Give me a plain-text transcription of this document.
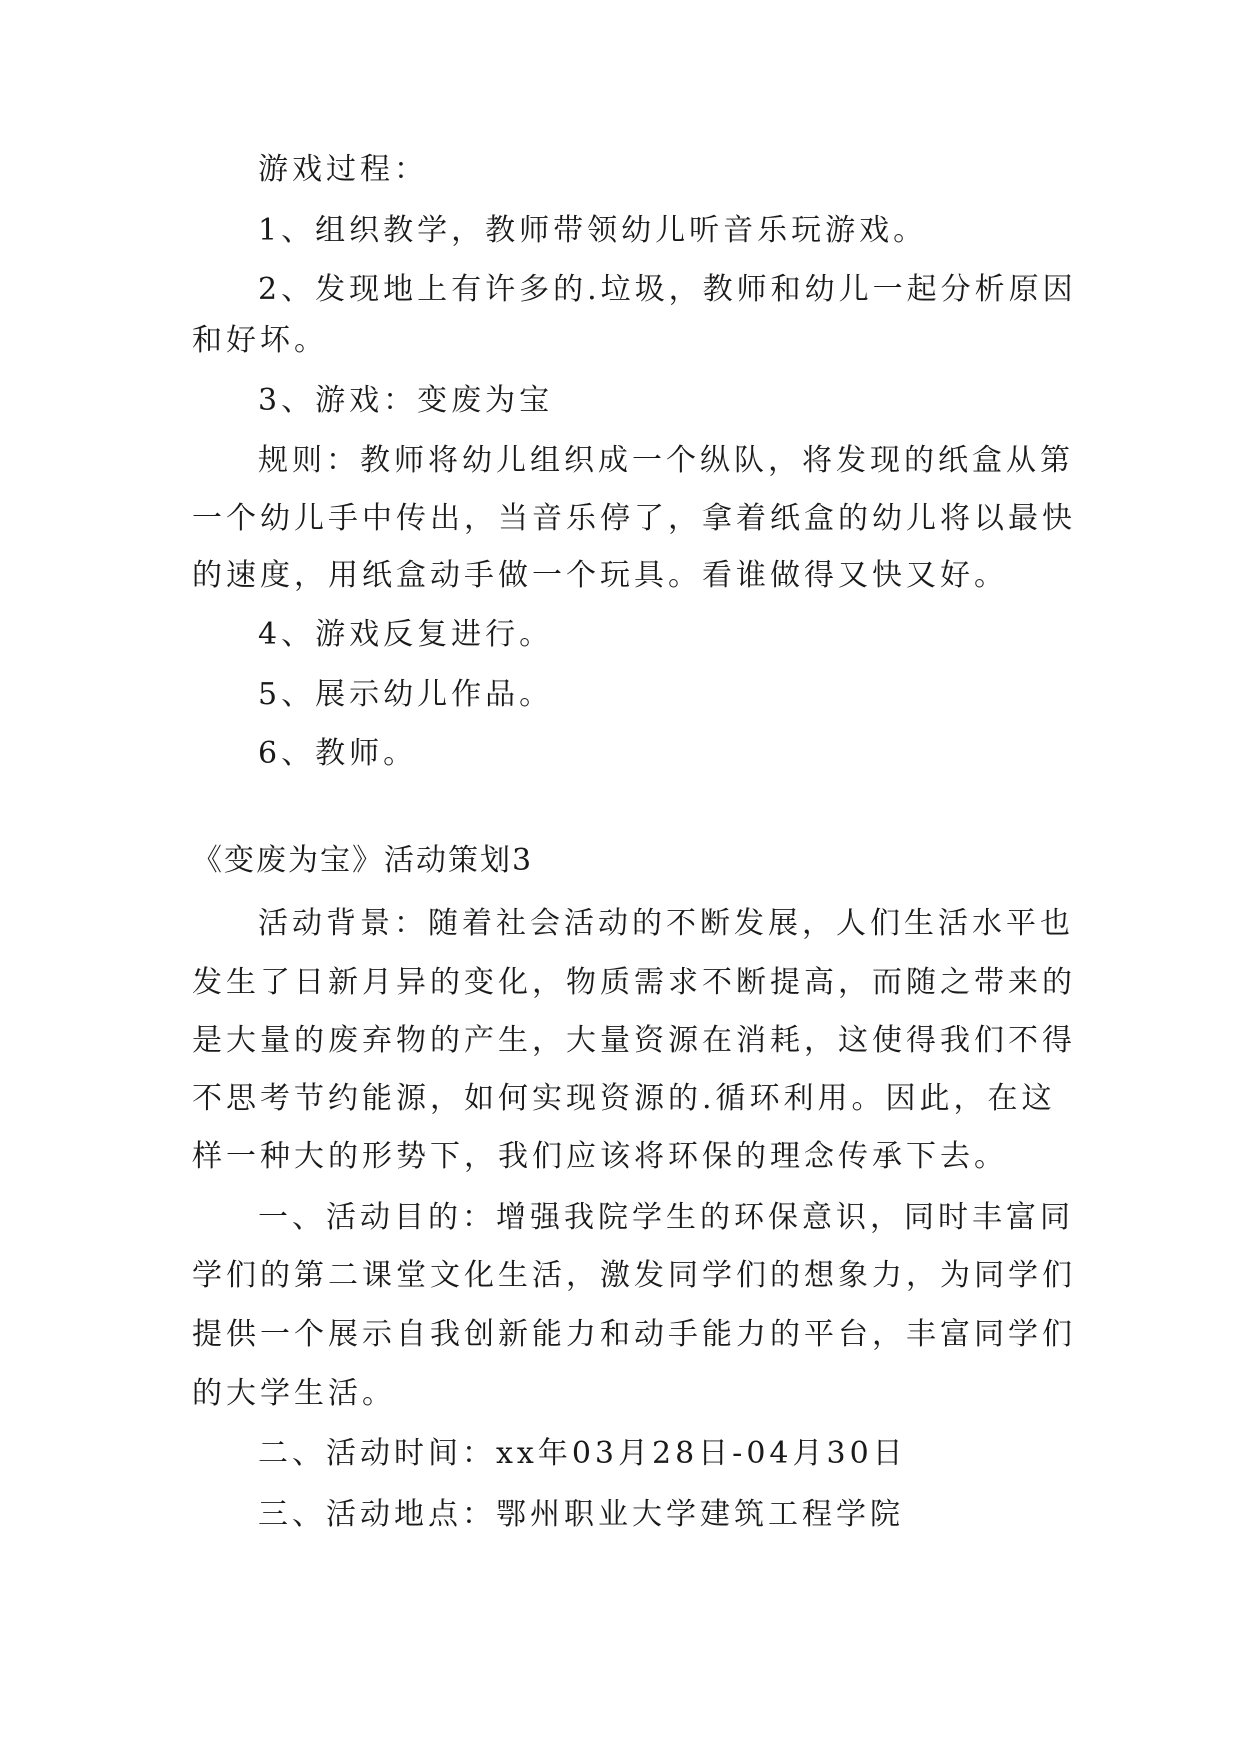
游戏过程：
1、组织教学，教师带领幼儿听音乐玩游戏。
2、发现地上有许多的.垃圾，教师和幼儿一起分析原因
和好坏。
3、游戏：变废为宝
规则：教师将幼儿组织成一个纵队，将发现的纸盒从第
一个幼儿手中传出，当音乐停了，拿着纸盒的幼儿将以最快
的速度，用纸盒动手做一个玩具。看谁做得又快又好。
4、游戏反复进行。
5、展示幼儿作品。
6、教师。
《变废为宝》活动策划3
活动背景：随着社会活动的不断发展，人们生活水平也
发生了日新月异的变化，物质需求不断提高，而随之带来的
是大量的废弃物的产生，大量资源在消耗，这使得我们不得
不思考节约能源，如何实现资源的.循环利用。因此，在这
样一种大的形势下，我们应该将环保的理念传承下去。
一、活动目的：增强我院学生的环保意识，同时丰富同
学们的第二课堂文化生活，激发同学们的想象力，为同学们
提供一个展示自我创新能力和动手能力的平台，丰富同学们
的大学生活。
二、活动时间：xx年03月28日-04月30日
三、活动地点：鄂州职业大学建筑工程学院
